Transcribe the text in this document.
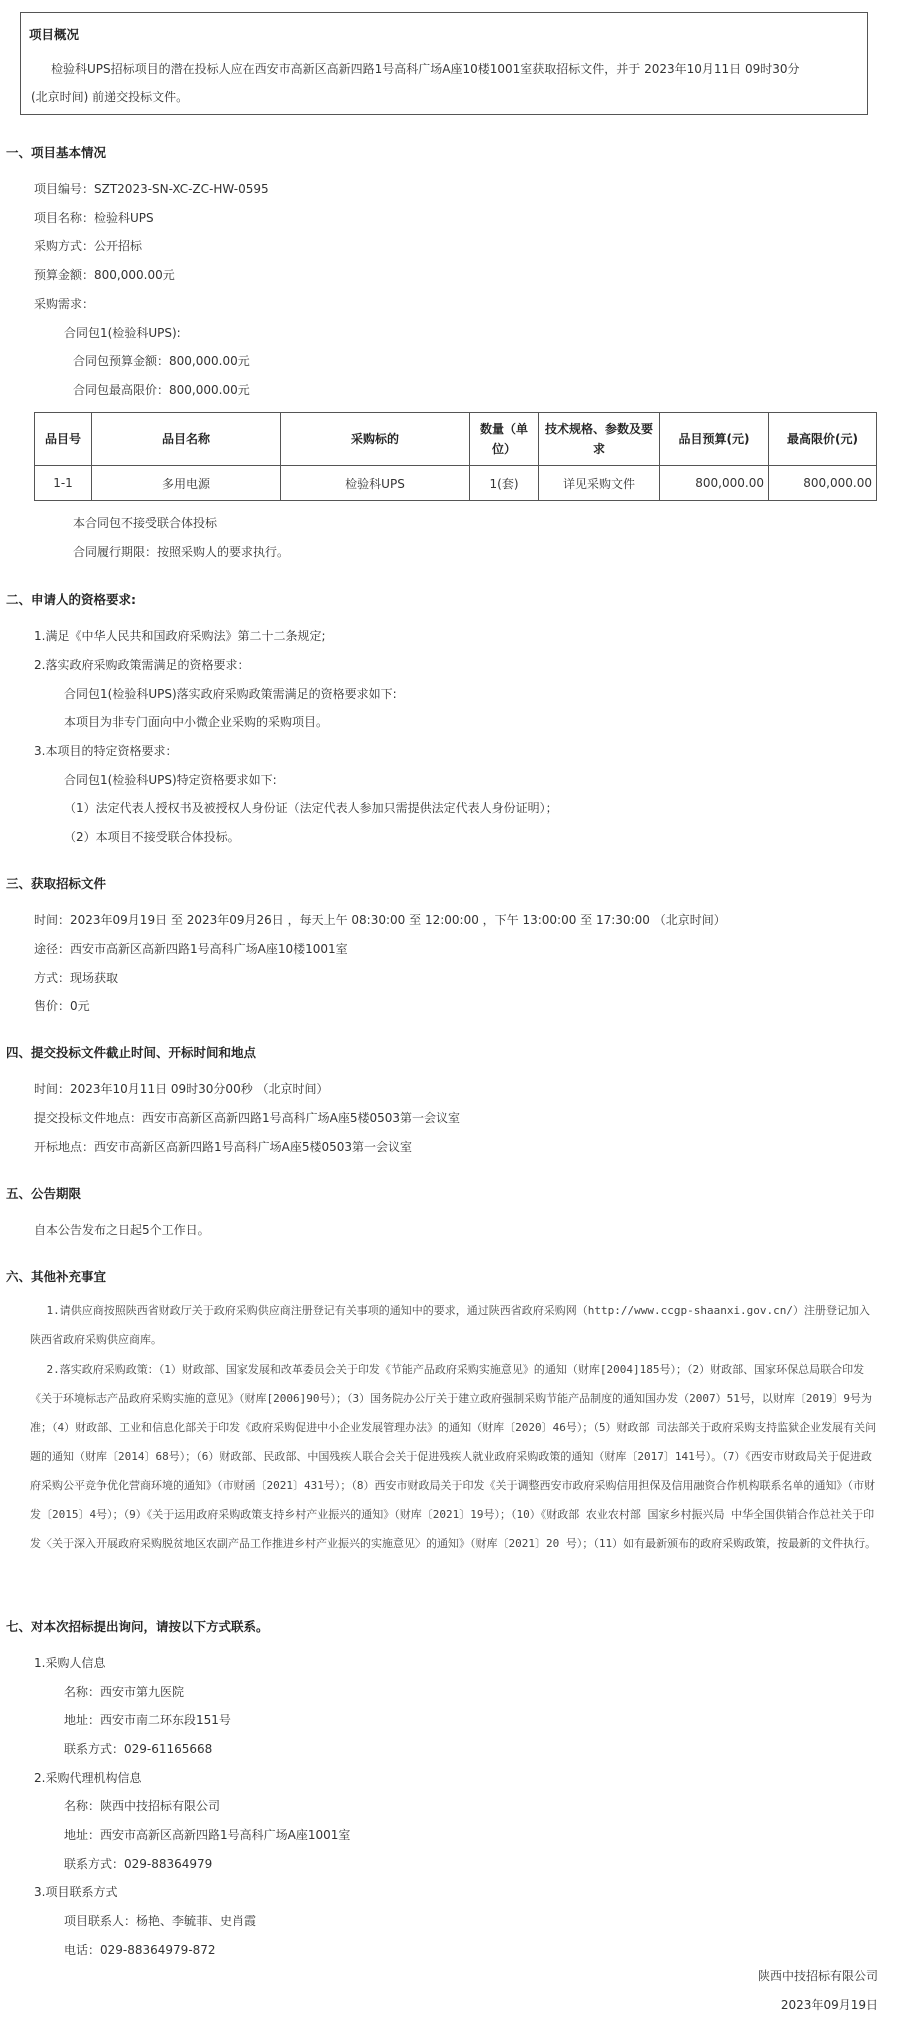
项目概况
检验科UPS招标项目的潜在投标人应在西安市高新区高新四路1号高科广场A座10楼1001室获取招标文件，并于 2023年10月11日 09时30分
(北京时间) 前递交投标文件。
一、项目基本情况
项目编号：SZT2023-SN-XC-ZC-HW-0595
项目名称：检验科UPS
采购方式：公开招标
预算金额：800,000.00元
采购需求：
合同包1(检验科UPS):
合同包预算金额：800,000.00元
合同包最高限价：800,000.00元
品目号	品目名称	采购标的	数量（单位）	技术规格、参数及要求	品目预算(元)	最高限价(元)
1-1	多用电源	检验科UPS	1(套)	详见采购文件	800,000.00	800,000.00
本合同包不接受联合体投标
合同履行期限：按照采购人的要求执行。
二、申请人的资格要求:
1.满足《中华人民共和国政府采购法》第二十二条规定;
2.落实政府采购政策需满足的资格要求：
合同包1(检验科UPS)落实政府采购政策需满足的资格要求如下:
本项目为非专门面向中小微企业采购的采购项目。
3.本项目的特定资格要求：
合同包1(检验科UPS)特定资格要求如下:
（1）法定代表人授权书及被授权人身份证（法定代表人参加只需提供法定代表人身份证明）；
（2）本项目不接受联合体投标。
三、获取招标文件
时间：2023年09月19日 至 2023年09月26日 ，每天上午 08:30:00 至 12:00:00 ，下午 13:00:00 至 17:30:00 （北京时间）
途径：西安市高新区高新四路1号高科广场A座10楼1001室
方式：现场获取
售价：0元
四、提交投标文件截止时间、开标时间和地点
时间：2023年10月11日 09时30分00秒 （北京时间）
提交投标文件地点：西安市高新区高新四路1号高科广场A座5楼0503第一会议室
开标地点：西安市高新区高新四路1号高科广场A座5楼0503第一会议室
五、公告期限
自本公告发布之日起5个工作日。
六、其他补充事宜

1.请供应商按照陕西省财政厅关于政府采购供应商注册登记有关事项的通知中的要求，通过陕西省政府采购网（http://www.ccgp-shaanxi.gov.cn/）注册登记加入陕西省政府采购供应商库。

2.落实政府采购政策：（1）财政部、国家发展和改革委员会关于印发《节能产品政府采购实施意见》的通知（财库[2004]185号）；（2）财政部、国家环保总局联合印发《关于环境标志产品政府采购实施的意见》（财库[2006]90号）；（3）国务院办公厅关于建立政府强制采购节能产品制度的通知国办发（2007）51号，以财库〔2019〕9号为准；（4）财政部、工业和信息化部关于印发《政府采购促进中小企业发展管理办法》的通知（财库〔2020〕46号）；（5）财政部 司法部关于政府采购支持监狱企业发展有关问题的通知（财库〔2014〕68号）；（6）财政部、民政部、中国残疾人联合会关于促进残疾人就业政府采购政策的通知（财库〔2017〕141号）。（7）《西安市财政局关于促进政府采购公平竞争优化营商环境的通知》（市财函〔2021〕431号）；（8）西安市财政局关于印发《关于调整西安市政府采购信用担保及信用融资合作机构联系名单的通知》（市财发〔2015〕4号）；（9）《关于运用政府采购政策支持乡村产业振兴的通知》（财库〔2021〕19号）；（10）《财政部 农业农村部 国家乡村振兴局 中华全国供销合作总社关于印发〈关于深入开展政府采购脱贫地区农副产品工作推进乡村产业振兴的实施意见〉的通知》（财库〔2021〕20 号）；（11）如有最新颁布的政府采购政策，按最新的文件执行。

七、对本次招标提出询问，请按以下方式联系。
1.采购人信息
名称：西安市第九医院
地址：西安市南二环东段151号
联系方式：029-61165668
2.采购代理机构信息
名称：陕西中技招标有限公司
地址：西安市高新区高新四路1号高科广场A座1001室
联系方式：029-88364979
3.项目联系方式
项目联系人：杨艳、李毓菲、史肖霞
电话：029-88364979-872
陕西中技招标有限公司
2023年09月19日
